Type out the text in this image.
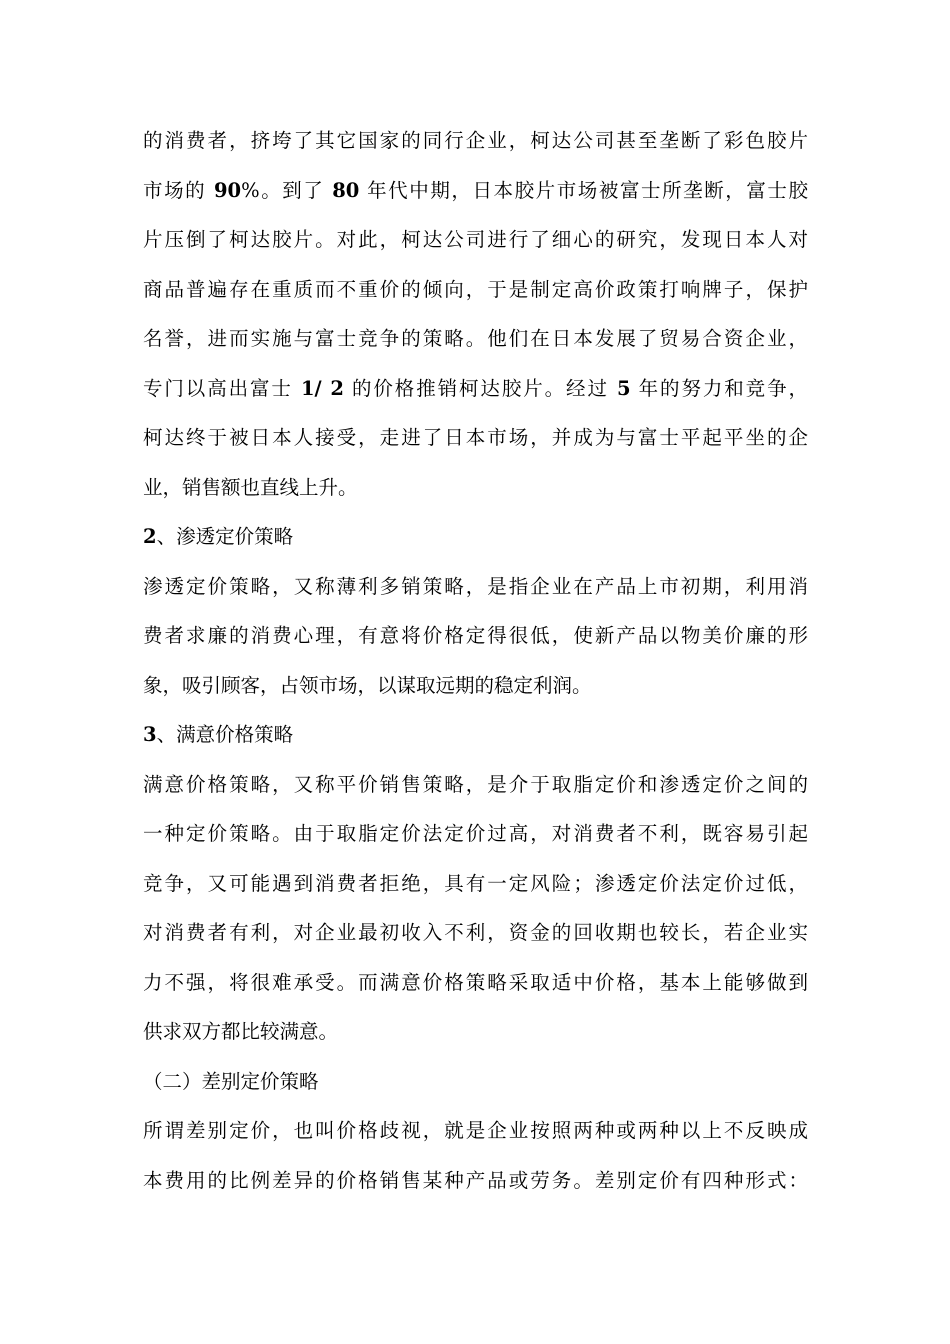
的消费者，挤垮了其它国家的同行企业，柯达公司甚至垄断了彩色胶片
市场的 90%。到了 80 年代中期，日本胶片市场被富士所垄断，富士胶
片压倒了柯达胶片。对此，柯达公司进行了细心的研究，发现日本人对
商品普遍存在重质而不重价的倾向，于是制定高价政策打响牌子，保护
名誉，进而实施与富士竞争的策略。他们在日本发展了贸易合资企业，
专门以高出富士 1/ 2 的价格推销柯达胶片。经过 5 年的努力和竞争，
柯达终于被日本人接受，走进了日本市场，并成为与富士平起平坐的企
业，销售额也直线上升。
2、渗透定价策略
渗透定价策略，又称薄利多销策略，是指企业在产品上市初期，利用消
费者求廉的消费心理，有意将价格定得很低，使新产品以物美价廉的形
象，吸引顾客，占领市场，以谋取远期的稳定利润。
3、满意价格策略
满意价格策略，又称平价销售策略，是介于取脂定价和渗透定价之间的
一种定价策略。由于取脂定价法定价过高，对消费者不利，既容易引起
竞争，又可能遇到消费者拒绝，具有一定风险；渗透定价法定价过低，
对消费者有利，对企业最初收入不利，资金的回收期也较长，若企业实
力不强，将很难承受。而满意价格策略采取适中价格，基本上能够做到
供求双方都比较满意。
（二）差别定价策略
所谓差别定价，也叫价格歧视，就是企业按照两种或两种以上不反映成
本费用的比例差异的价格销售某种产品或劳务。差别定价有四种形式：
